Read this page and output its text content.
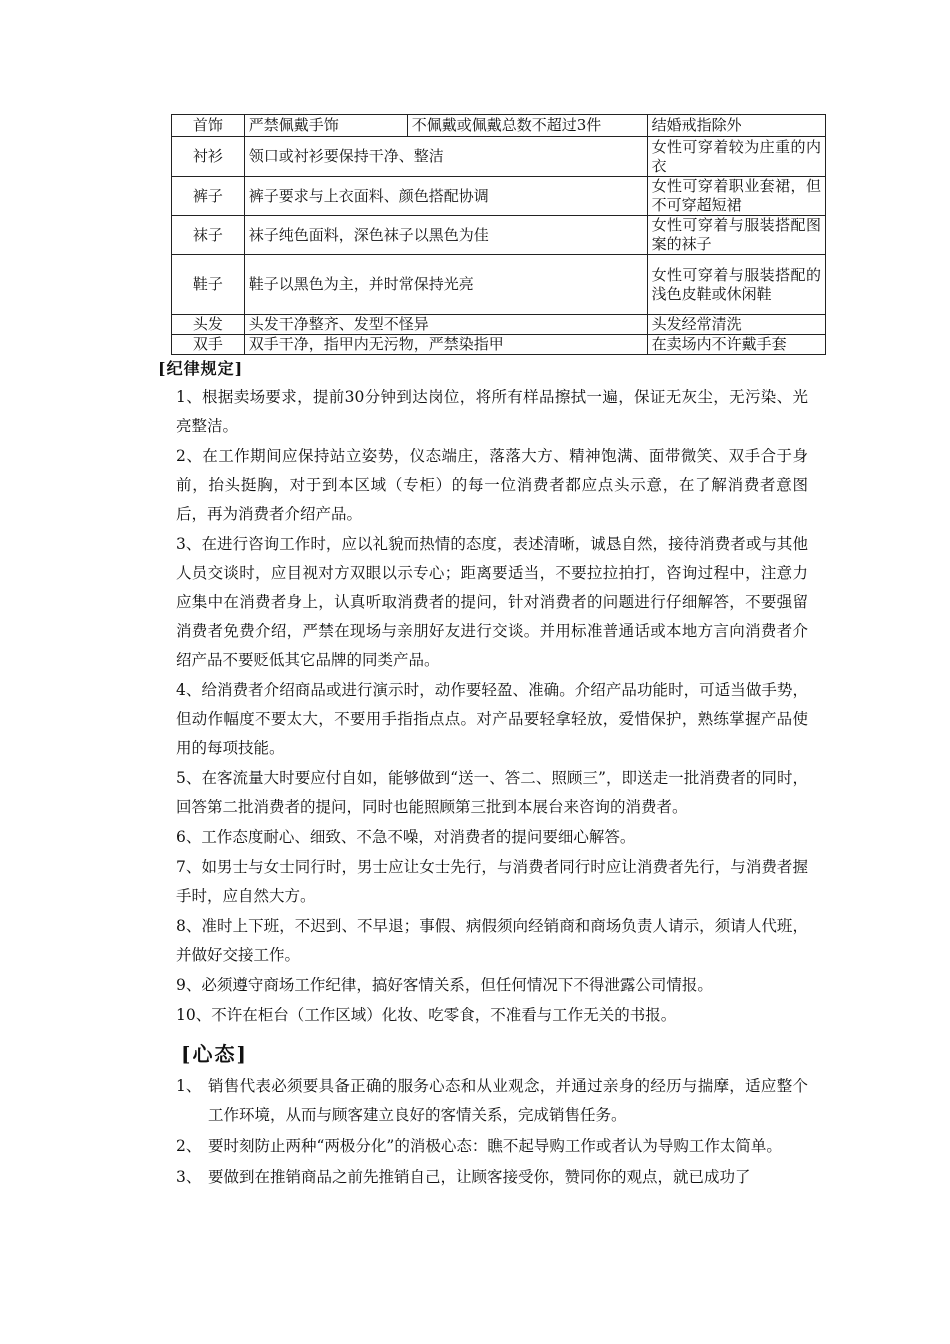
首饰	严禁佩戴手饰	不佩戴或佩戴总数不超过3件	结婚戒指除外
衬衫	领口或衬衫要保持干净、整洁		女性可穿着较为庄重的内衣
裤子	裤子要求与上衣面料、颜色搭配协调		女性可穿着职业套裙，但不可穿超短裙
袜子	袜子纯色面料，深色袜子以黑色为佳		女性可穿着与服装搭配图案的袜子
鞋子	鞋子以黑色为主，并时常保持光亮		女性可穿着与服装搭配的浅色皮鞋或休闲鞋
头发	头发干净整齐、发型不怪异		头发经常清洗
双手	双手干净，指甲内无污物，严禁染指甲		在卖场内不许戴手套
[纪律规定]

1、根据卖场要求，提前30分钟到达岗位，将所有样品擦拭一遍，保证无灰尘，无污染、光亮整洁。

2、在工作期间应保持站立姿势，仪态端庄，落落大方、精神饱满、面带微笑、双手合于身前，抬头挺胸，对于到本区域（专柜）的每一位消费者都应点头示意，在了解消费者意图后，再为消费者介绍产品。

3、在进行咨询工作时，应以礼貌而热情的态度，表述清晰，诚恳自然，接待消费者或与其他人员交谈时，应目视对方双眼以示专心；距离要适当，不要拉拉拍打，咨询过程中，注意力应集中在消费者身上，认真听取消费者的提问，针对消费者的问题进行仔细解答，不要强留消费者免费介绍，严禁在现场与亲朋好友进行交谈。并用标准普通话或本地方言向消费者介绍产品不要贬低其它品牌的同类产品。

4、给消费者介绍商品或进行演示时，动作要轻盈、准确。介绍产品功能时，可适当做手势，但动作幅度不要太大，不要用手指指点点。对产品要轻拿轻放，爱惜保护，熟练掌握产品使用的每项技能。

5、在客流量大时要应付自如，能够做到“送一、答二、照顾三”，即送走一批消费者的同时，回答第二批消费者的提问，同时也能照顾第三批到本展台来咨询的消费者。

6、工作态度耐心、细致、不急不噪，对消费者的提问要细心解答。

7、如男士与女士同行时，男士应让女士先行，与消费者同行时应让消费者先行，与消费者握手时，应自然大方。

8、准时上下班，不迟到、不早退；事假、病假须向经销商和商场负责人请示，须请人代班，并做好交接工作。

9、必须遵守商场工作纪律，搞好客情关系，但任何情况下不得泄露公司情报。

10、不许在柜台（工作区域）化妆、吃零食，不准看与工作无关的书报。

[心态]
1、 销售代表必须要具备正确的服务心态和从业观念，并通过亲身的经历与揣摩，适应整个工作环境，从而与顾客建立良好的客情关系，完成销售任务。
2、 要时刻防止两种“两极分化”的消极心态：瞧不起导购工作或者认为导购工作太简单。
3、 要做到在推销商品之前先推销自己，让顾客接受你，赞同你的观点，就已成功了
